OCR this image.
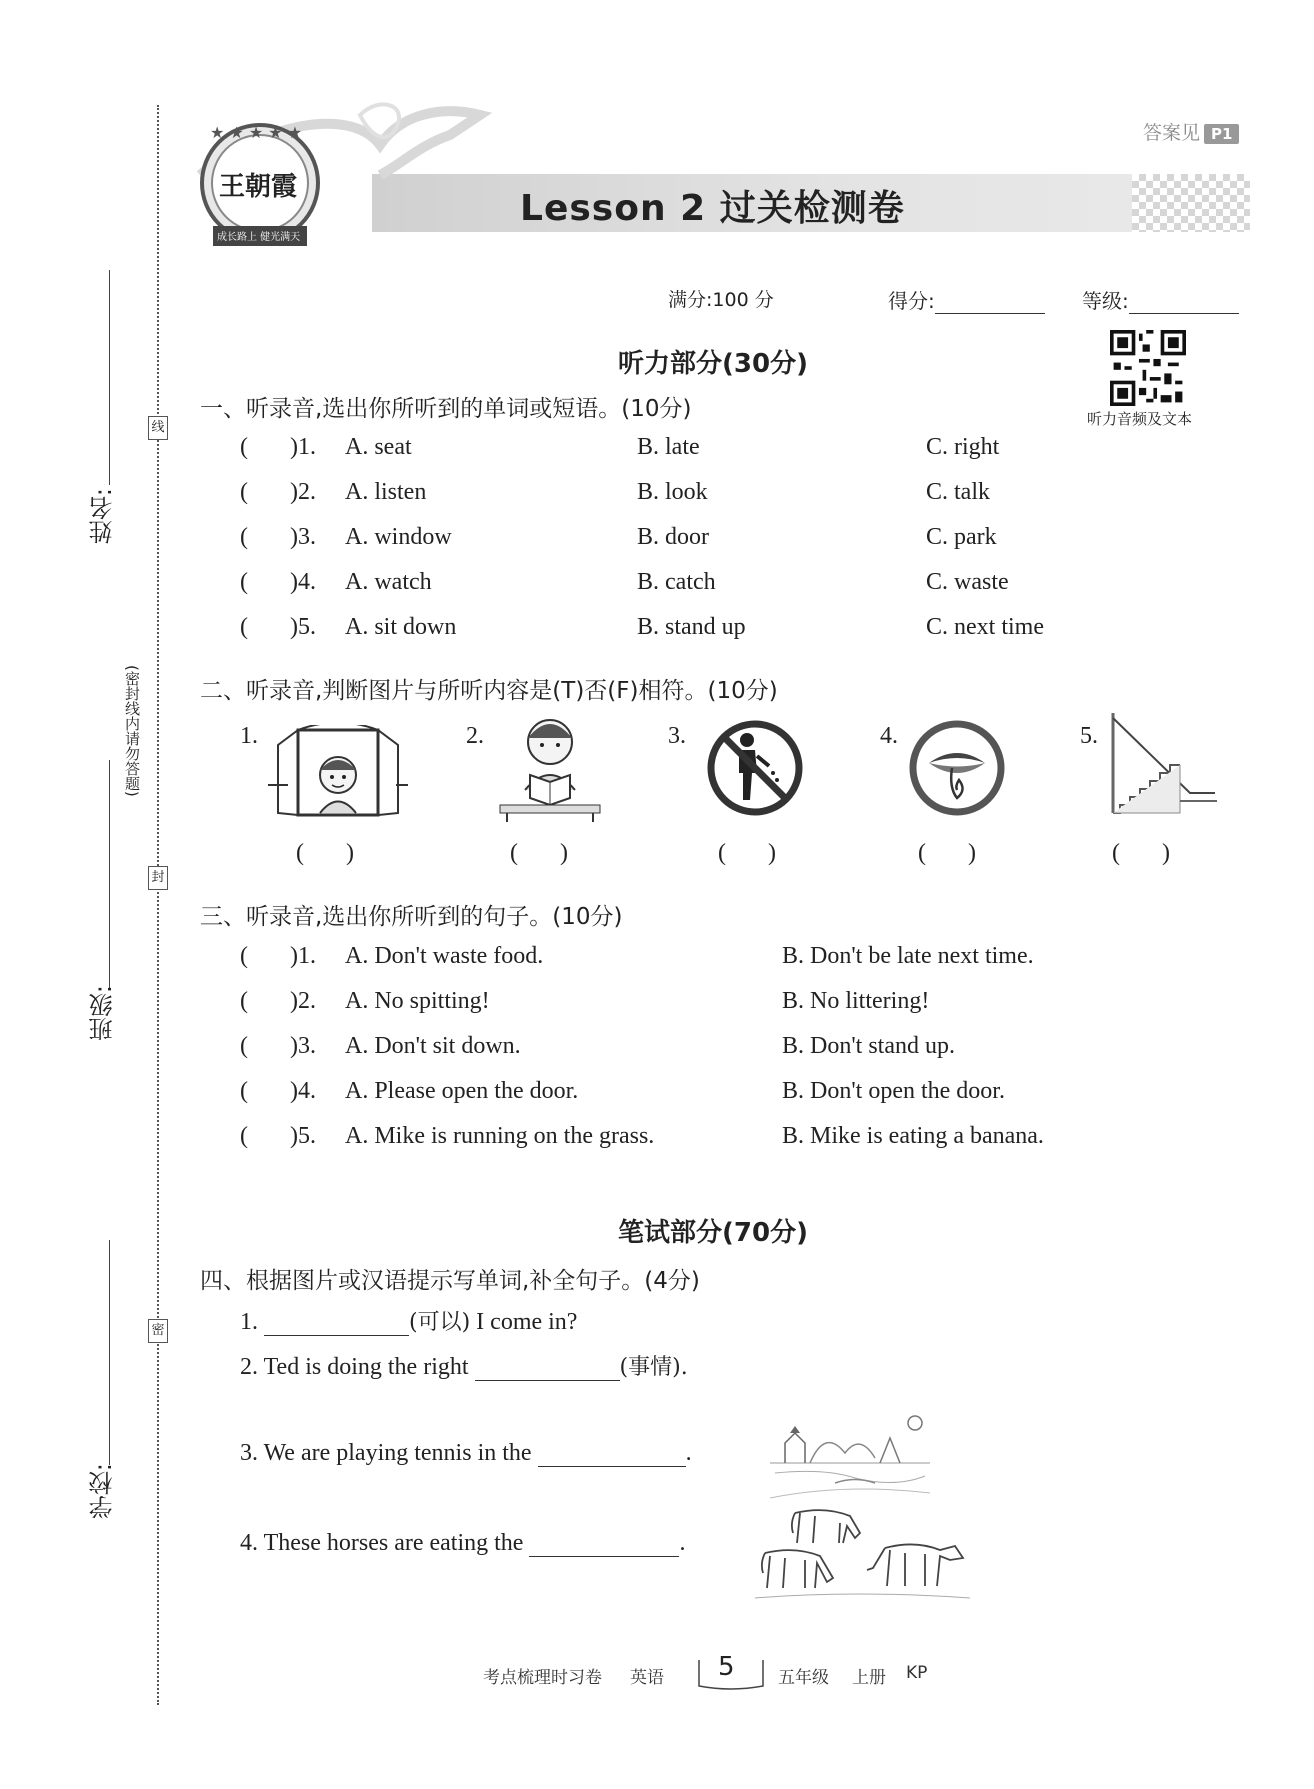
姓名:
线
(密封线内请勿答题)
班级:
封
学校:
密
★ ★ ★ ★ ★
王朝霞
成长路上 健光满天
答案见 P1
Lesson 2 过关检测卷
满分:100 分	得分:	等级:
听力音频及文本
听力部分(30分)
一、听录音,选出你所听到的单词或短语。(10分)
(       )1. A. seat	B. late	C. right
(       )2. A. listen	B. look	C. talk
(       )3. A. window	B. door	C. park
(       )4. A. watch	B. catch	C. waste
(       )5. A. sit down	B. stand up	C. next time
二、听录音,判断图片与所听内容是(T)否(F)相符。(10分)
1.
(       )
2.
(       )
3.
(       )
4.
(       )
5.
(       )
三、听录音,选出你所听到的句子。(10分)
(       )1. A. Don't waste food.	B. Don't be late next time.
(       )2. A. No spitting!	B. No littering!
(       )3. A. Don't sit down.	B. Don't stand up.
(       )4. A. Please open the door.	B. Don't open the door.
(       )5. A. Mike is running on the grass.	B. Mike is eating a banana.
笔试部分(70分)
四、根据图片或汉语提示写单词,补全句子。(4分)
1.	(可以) I come in?
2. Ted is doing the right	(事情).
3. We are playing tennis in the	.
4. These horses are eating the	.
考点梳理时习卷 英语 5	五年级 上册 KP
